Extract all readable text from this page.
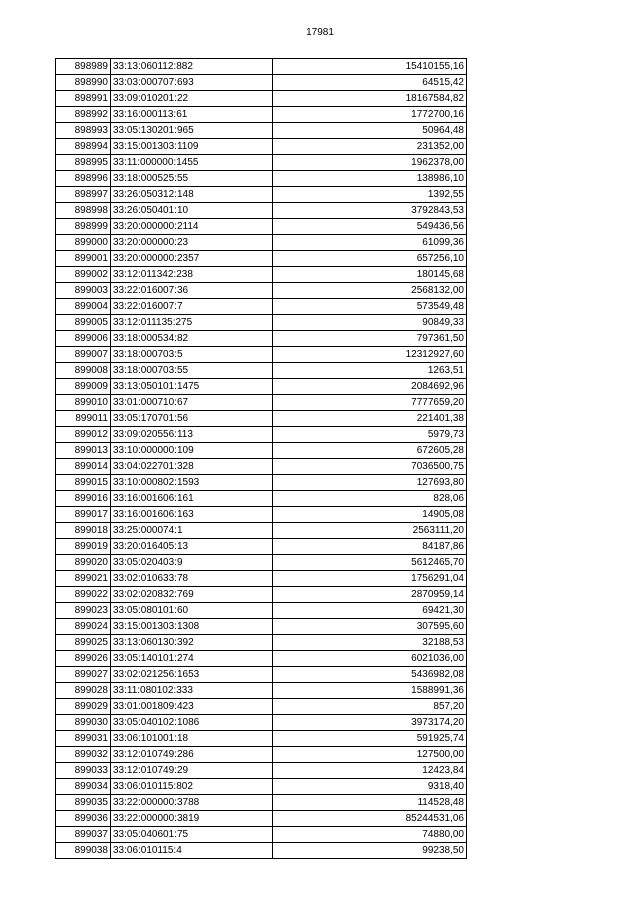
17981
898989	33:13:060112:882	15410155,16
898990	33:03:000707:693	64515,42
898991	33:09:010201:22	18167584,82
898992	33:16:000113:61	1772700,16
898993	33:05:130201:965	50964,48
898994	33:15:001303:1109	231352,00
898995	33:11:000000:1455	1962378,00
898996	33:18:000525:55	138986,10
898997	33:26:050312:148	1392,55
898998	33:26:050401:10	3792843,53
898999	33:20:000000:2114	549436,56
899000	33:20:000000:23	61099,36
899001	33:20:000000:2357	657256,10
899002	33:12:011342:238	180145,68
899003	33:22:016007:36	2568132,00
899004	33:22:016007:7	573549,48
899005	33:12:011135:275	90849,33
899006	33:18:000534:82	797361,50
899007	33:18:000703:5	12312927,60
899008	33:18:000703:55	1263,51
899009	33:13:050101:1475	2084692,96
899010	33:01:000710:67	7777659,20
899011	33:05:170701:56	221401,38
899012	33:09:020556:113	5979,73
899013	33:10:000000:109	672605,28
899014	33:04:022701:328	7036500,75
899015	33:10:000802:1593	127693,80
899016	33:16:001606:161	828,06
899017	33:16:001606:163	14905,08
899018	33:25:000074:1	2563111,20
899019	33:20:016405:13	84187,86
899020	33:05:020403:9	5612465,70
899021	33:02:010633:78	1756291,04
899022	33:02:020832:769	2870959,14
899023	33:05:080101:60	69421,30
899024	33:15:001303:1308	307595,60
899025	33:13:060130:392	32188,53
899026	33:05:140101:274	6021036,00
899027	33:02:021256:1653	5436982,08
899028	33:11:080102:333	1588991,36
899029	33:01:001809:423	857,20
899030	33:05:040102:1086	3973174,20
899031	33:06:101001:18	591925,74
899032	33:12:010749:286	127500,00
899033	33:12:010749:29	12423,84
899034	33:06:010115:802	9318,40
899035	33:22:000000:3788	114528,48
899036	33:22:000000:3819	85244531,06
899037	33:05:040601:75	74880,00
899038	33:06:010115:4	99238,50
